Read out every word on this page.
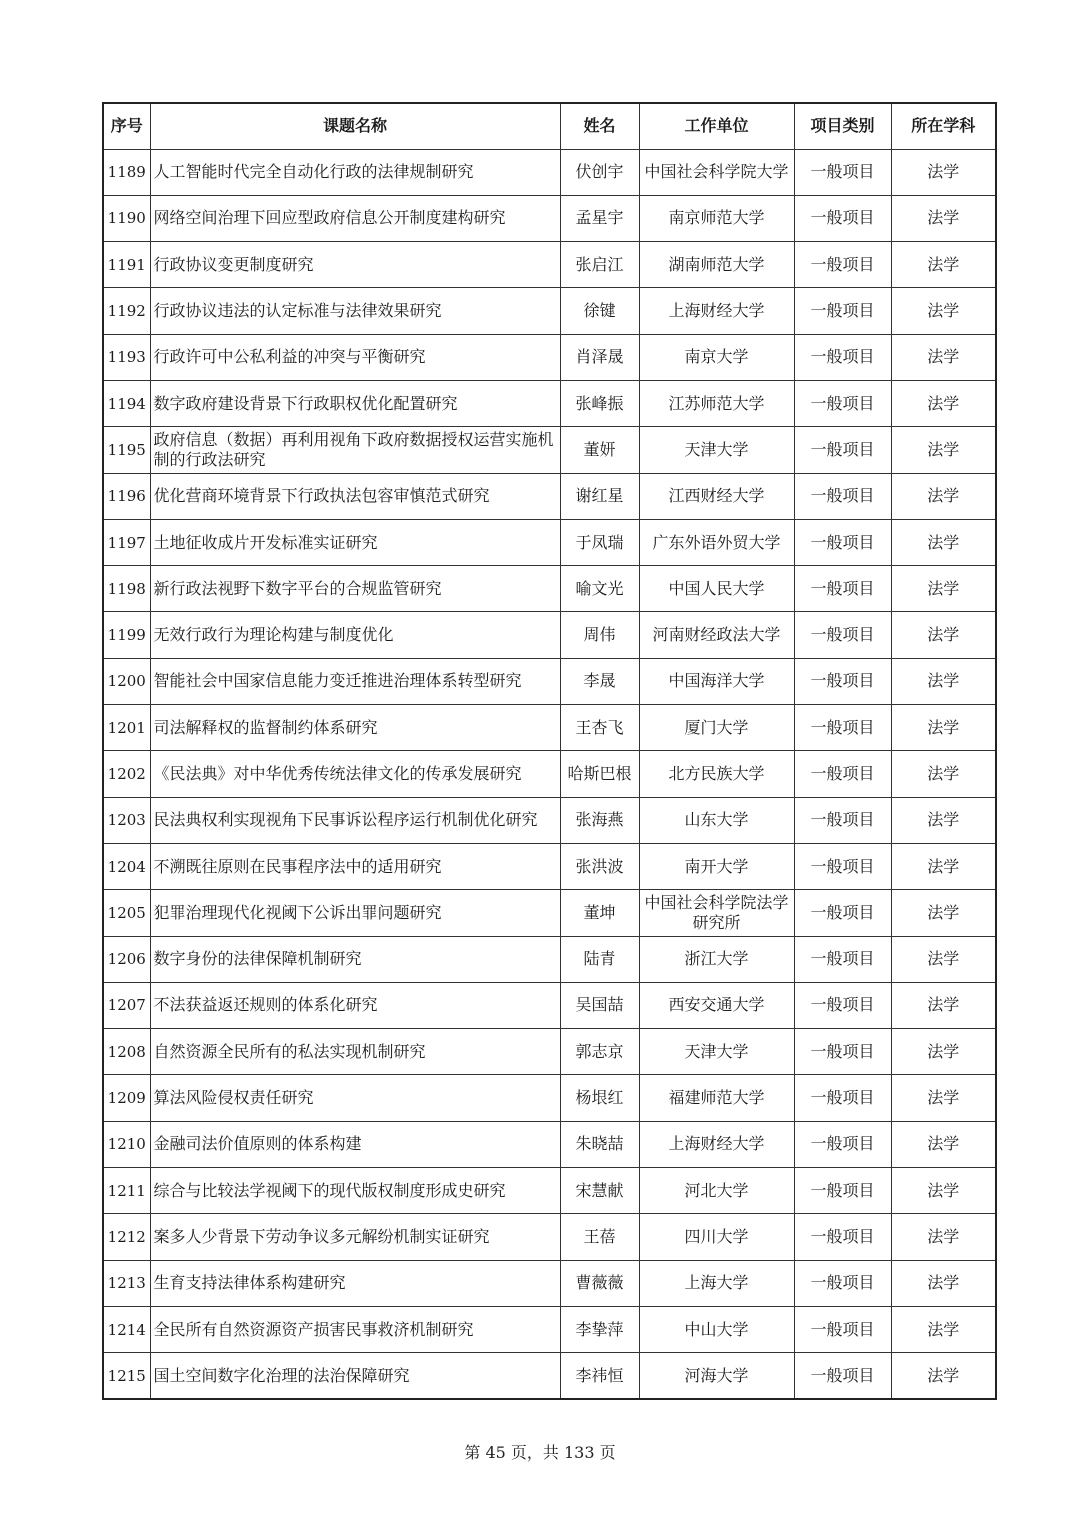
序号	课题名称	姓名	工作单位	项目类别	所在学科
1189	人工智能时代完全自动化行政的法律规制研究	伏创宇	中国社会科学院大学	一般项目	法学
1190	网络空间治理下回应型政府信息公开制度建构研究	孟星宇	南京师范大学	一般项目	法学
1191	行政协议变更制度研究	张启江	湖南师范大学	一般项目	法学
1192	行政协议违法的认定标准与法律效果研究	徐键	上海财经大学	一般项目	法学
1193	行政许可中公私利益的冲突与平衡研究	肖泽晟	南京大学	一般项目	法学
1194	数字政府建设背景下行政职权优化配置研究	张峰振	江苏师范大学	一般项目	法学
1195	政府信息（数据）再利用视角下政府数据授权运营实施机制的行政法研究	董妍	天津大学	一般项目	法学
1196	优化营商环境背景下行政执法包容审慎范式研究	谢红星	江西财经大学	一般项目	法学
1197	土地征收成片开发标准实证研究	于凤瑞	广东外语外贸大学	一般项目	法学
1198	新行政法视野下数字平台的合规监管研究	喻文光	中国人民大学	一般项目	法学
1199	无效行政行为理论构建与制度优化	周伟	河南财经政法大学	一般项目	法学
1200	智能社会中国家信息能力变迁推进治理体系转型研究	李晟	中国海洋大学	一般项目	法学
1201	司法解释权的监督制约体系研究	王杏飞	厦门大学	一般项目	法学
1202	《民法典》对中华优秀传统法律文化的传承发展研究	哈斯巴根	北方民族大学	一般项目	法学
1203	民法典权利实现视角下民事诉讼程序运行机制优化研究	张海燕	山东大学	一般项目	法学
1204	不溯既往原则在民事程序法中的适用研究	张洪波	南开大学	一般项目	法学
1205	犯罪治理现代化视阈下公诉出罪问题研究	董坤	中国社会科学院法学研究所	一般项目	法学
1206	数字身份的法律保障机制研究	陆青	浙江大学	一般项目	法学
1207	不法获益返还规则的体系化研究	吴国喆	西安交通大学	一般项目	法学
1208	自然资源全民所有的私法实现机制研究	郭志京	天津大学	一般项目	法学
1209	算法风险侵权责任研究	杨垠红	福建师范大学	一般项目	法学
1210	金融司法价值原则的体系构建	朱晓喆	上海财经大学	一般项目	法学
1211	综合与比较法学视阈下的现代版权制度形成史研究	宋慧献	河北大学	一般项目	法学
1212	案多人少背景下劳动争议多元解纷机制实证研究	王蓓	四川大学	一般项目	法学
1213	生育支持法律体系构建研究	曹薇薇	上海大学	一般项目	法学
1214	全民所有自然资源资产损害民事救济机制研究	李挚萍	中山大学	一般项目	法学
1215	国土空间数字化治理的法治保障研究	李祎恒	河海大学	一般项目	法学
第 45 页，共 133 页
